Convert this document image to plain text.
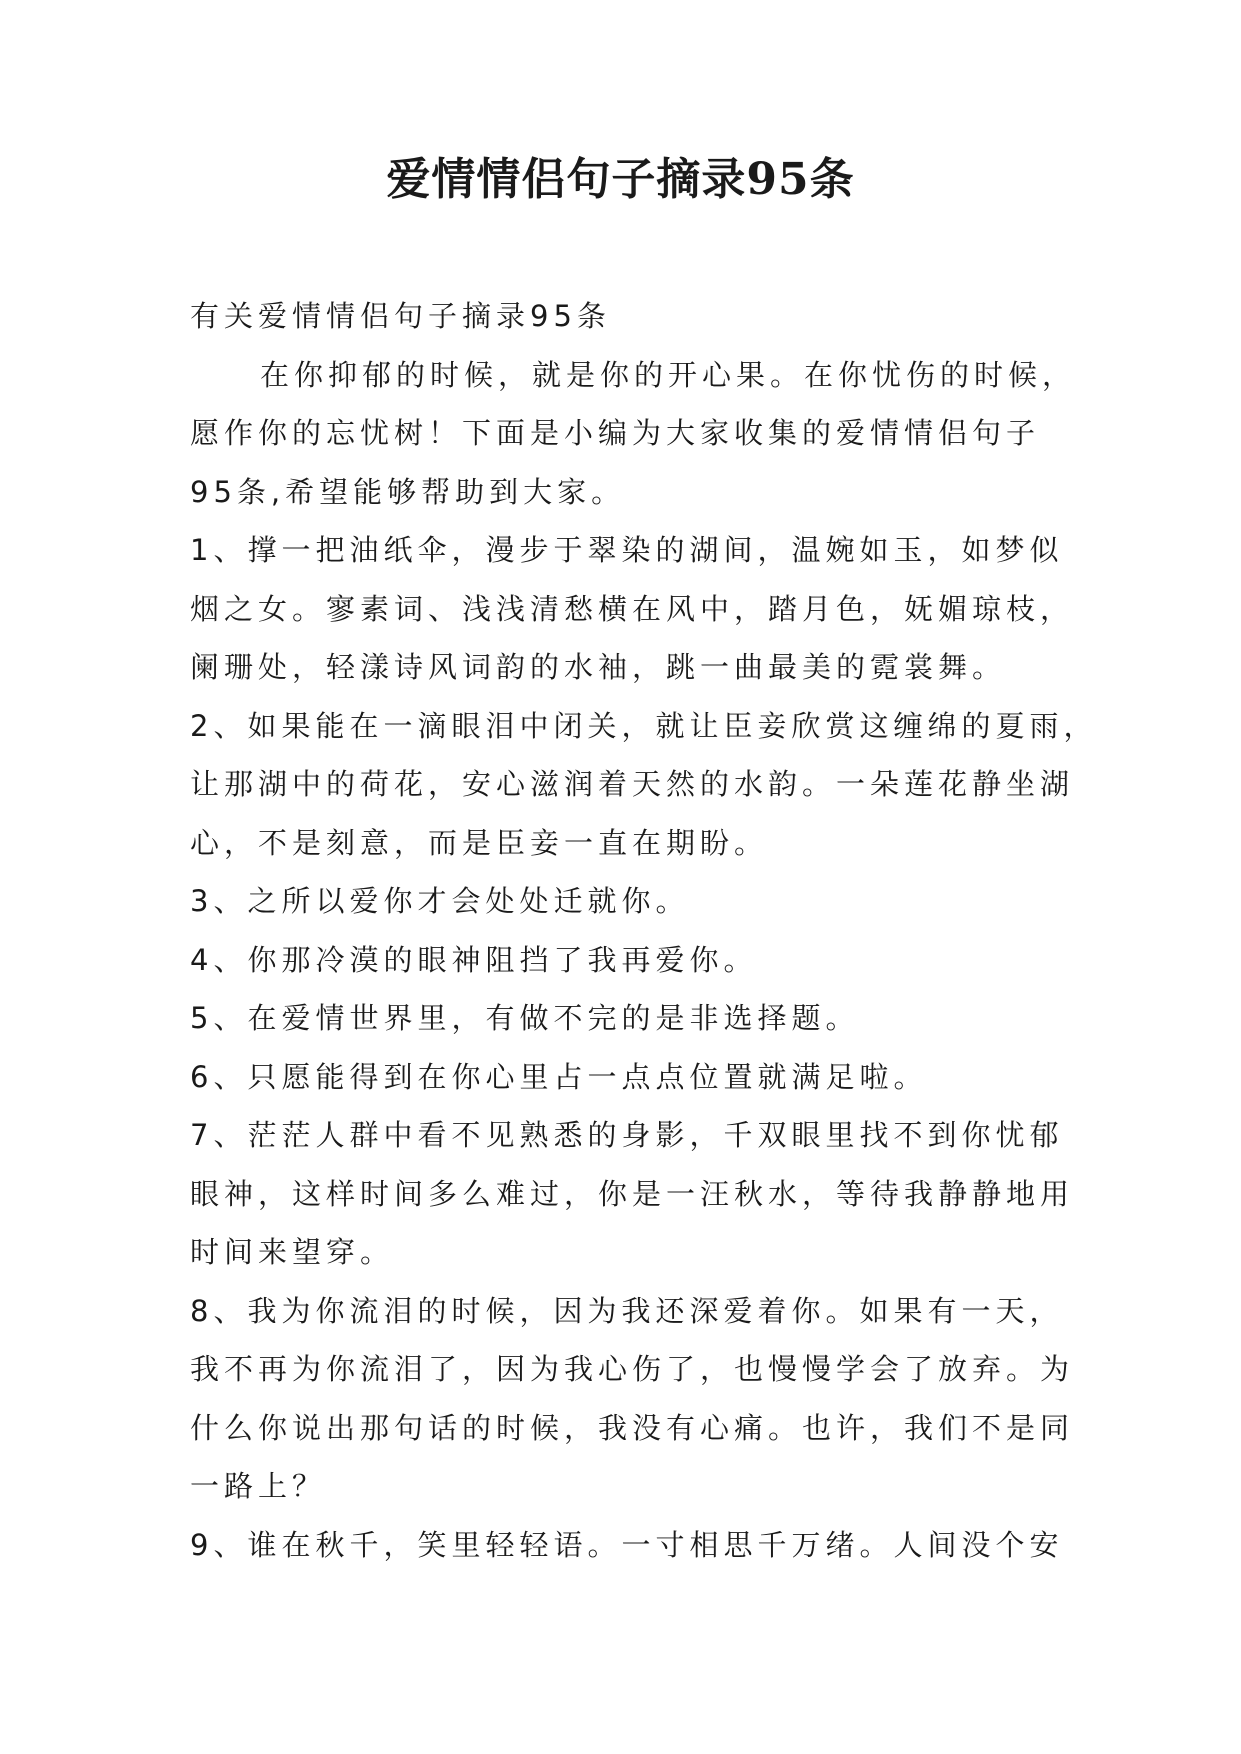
爱情情侣句子摘录95条
有关爱情情侣句子摘录95条
在你抑郁的时候，就是你的开心果。在你忧伤的时候，
愿作你的忘忧树！下面是小编为大家收集的爱情情侣句子
95条,希望能够帮助到大家。
1、撑一把油纸伞，漫步于翠染的湖间，温婉如玉，如梦似
烟之女。寥素词、浅浅清愁横在风中，踏月色，妩媚琼枝，
阑珊处，轻漾诗风词韵的水袖，跳一曲最美的霓裳舞。
2、如果能在一滴眼泪中闭关，就让臣妾欣赏这缠绵的夏雨，
让那湖中的荷花，安心滋润着天然的水韵。一朵莲花静坐湖
心，不是刻意，而是臣妾一直在期盼。
3、之所以爱你才会处处迁就你。
4、你那冷漠的眼神阻挡了我再爱你。
5、在爱情世界里，有做不完的是非选择题。
6、只愿能得到在你心里占一点点位置就满足啦。
7、茫茫人群中看不见熟悉的身影，千双眼里找不到你忧郁
眼神，这样时间多么难过，你是一汪秋水，等待我静静地用
时间来望穿。
8、我为你流泪的时候，因为我还深爱着你。如果有一天，
我不再为你流泪了，因为我心伤了，也慢慢学会了放弃。为
什么你说出那句话的时候，我没有心痛。也许，我们不是同
一路上？
9、谁在秋千，笑里轻轻语。一寸相思千万绪。人间没个安
